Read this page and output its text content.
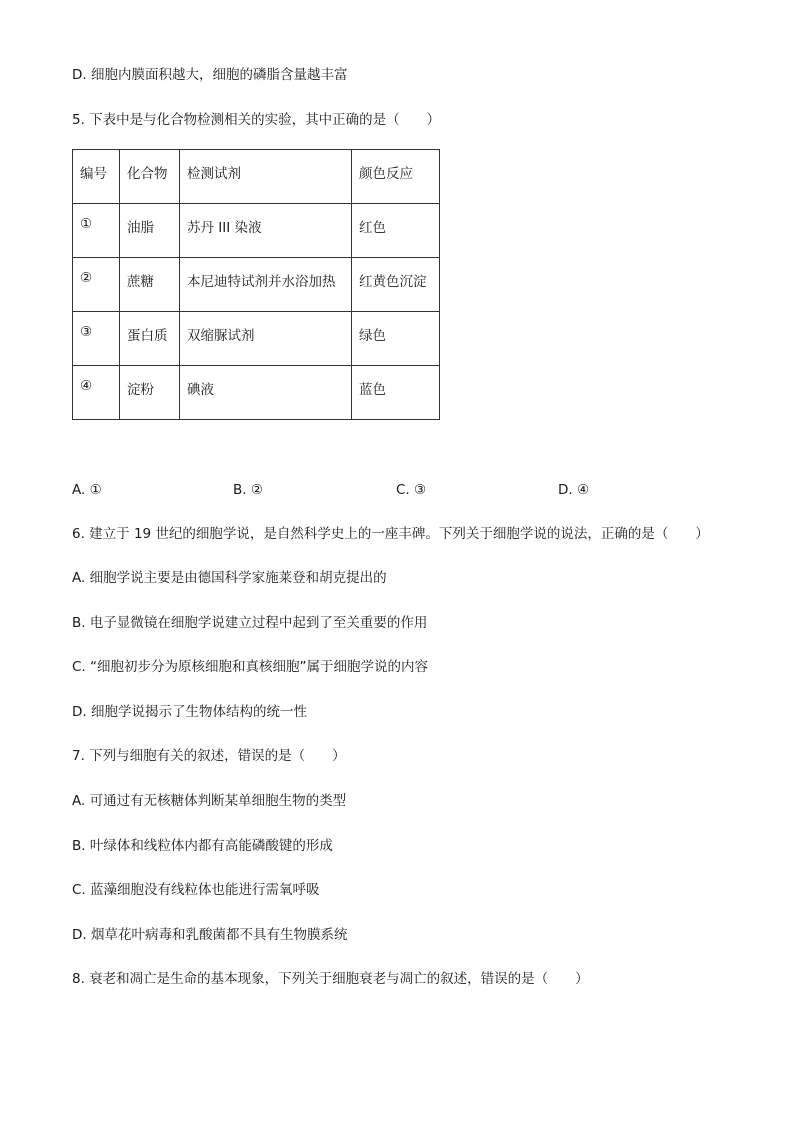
D. 细胞内膜面积越大，细胞的磷脂含量越丰富
5. 下表中是与化合物检测相关的实验，其中正确的是（　　）
编号	化合物	检测试剂	颜色反应
①	油脂	苏丹 III 染液	红色
②	蔗糖	本尼迪特试剂并水浴加热	红黄色沉淀
③	蛋白质	双缩脲试剂	绿色
④	淀粉	碘液	蓝色
A. ①	B. ②	C. ③	D. ④
6. 建立于 19 世纪的细胞学说，是自然科学史上的一座丰碑。下列关于细胞学说的说法，正确的是（　　）
A. 细胞学说主要是由德国科学家施莱登和胡克提出的
B. 电子显微镜在细胞学说建立过程中起到了至关重要的作用
C. “细胞初步分为原核细胞和真核细胞”属于细胞学说的内容
D. 细胞学说揭示了生物体结构的统一性
7. 下列与细胞有关的叙述，错误的是（　　）
A. 可通过有无核糖体判断某单细胞生物的类型
B. 叶绿体和线粒体内都有高能磷酸键的形成
C. 蓝藻细胞没有线粒体也能进行需氧呼吸
D. 烟草花叶病毒和乳酸菌都不具有生物膜系统
8. 衰老和凋亡是生命的基本现象，下列关于细胞衰老与凋亡的叙述，错误的是（　　）
